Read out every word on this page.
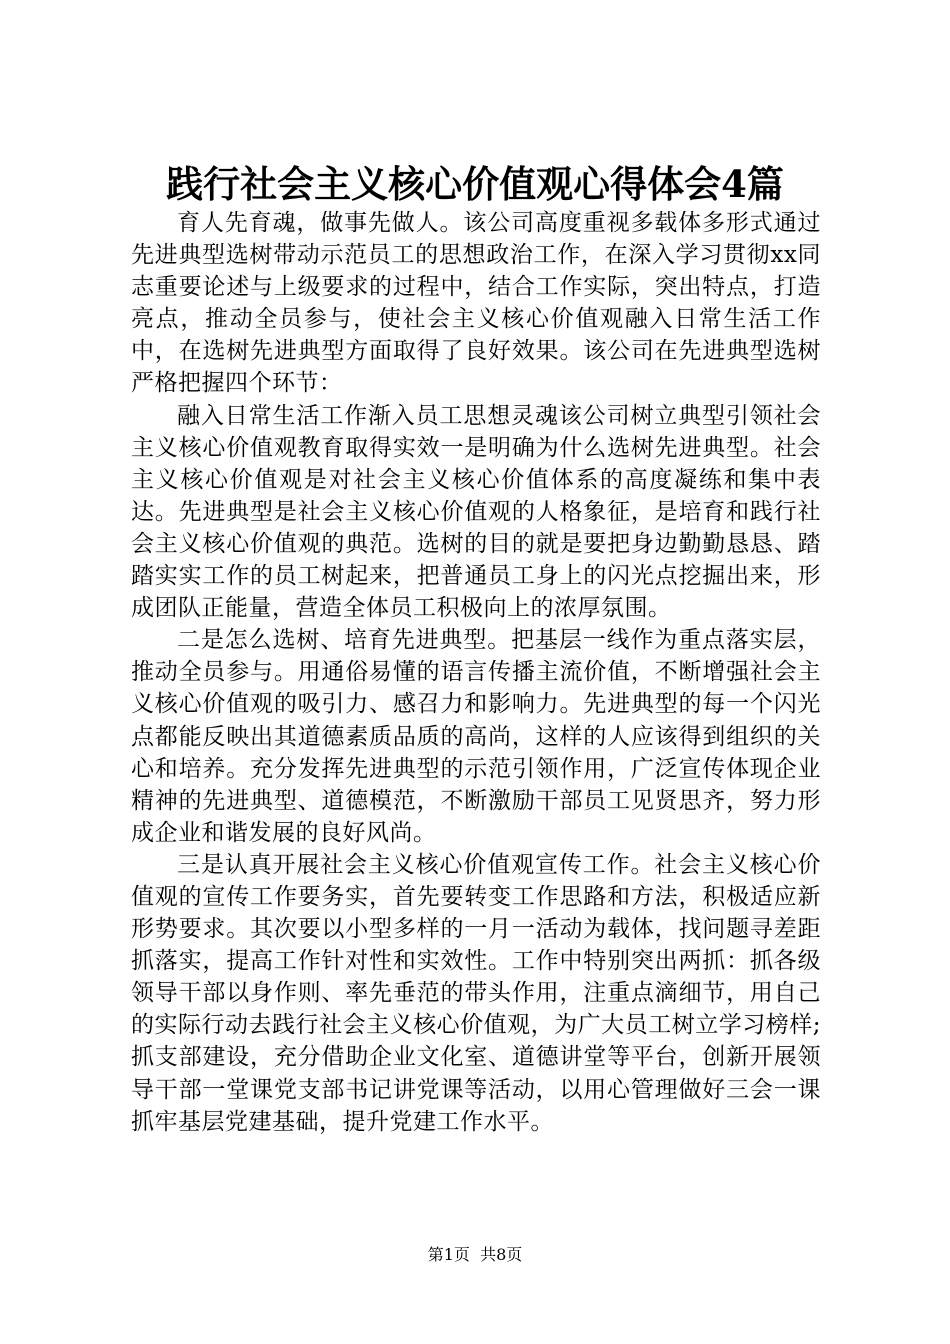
践行社会主义核心价值观心得体会4篇

育人先育魂，做事先做人。该公司高度重视多载体多形式通过先进典型选树带动示范员工的思想政治工作，在深入学习贯彻xx同志重要论述与上级要求的过程中，结合工作实际，突出特点，打造亮点，推动全员参与，使社会主义核心价值观融入日常生活工作中，在选树先进典型方面取得了良好效果。该公司在先进典型选树严格把握四个环节：

融入日常生活工作渐入员工思想灵魂该公司树立典型引领社会主义核心价值观教育取得实效一是明确为什么选树先进典型。社会主义核心价值观是对社会主义核心价值体系的高度凝练和集中表达。先进典型是社会主义核心价值观的人格象征，是培育和践行社会主义核心价值观的典范。选树的目的就是要把身边勤勤恳恳、踏踏实实工作的员工树起来，把普通员工身上的闪光点挖掘出来，形成团队正能量，营造全体员工积极向上的浓厚氛围。

二是怎么选树、培育先进典型。把基层一线作为重点落实层，推动全员参与。用通俗易懂的语言传播主流价值，不断增强社会主义核心价值观的吸引力、感召力和影响力。先进典型的每一个闪光点都能反映出其道德素质品质的高尚，这样的人应该得到组织的关心和培养。充分发挥先进典型的示范引领作用，广泛宣传体现企业精神的先进典型、道德模范，不断激励干部员工见贤思齐，努力形成企业和谐发展的良好风尚。

三是认真开展社会主义核心价值观宣传工作。社会主义核心价值观的宣传工作要务实，首先要转变工作思路和方法，积极适应新形势要求。其次要以小型多样的一月一活动为载体，找问题寻差距抓落实，提高工作针对性和实效性。工作中特别突出两抓：抓各级领导干部以身作则、率先垂范的带头作用，注重点滴细节，用自己的实际行动去践行社会主义核心价值观，为广大员工树立学习榜样;抓支部建设，充分借助企业文化室、道德讲堂等平台，创新开展领导干部一堂课党支部书记讲党课等活动，以用心管理做好三会一课抓牢基层党建基础，提升党建工作水平。

第1页 共8页
